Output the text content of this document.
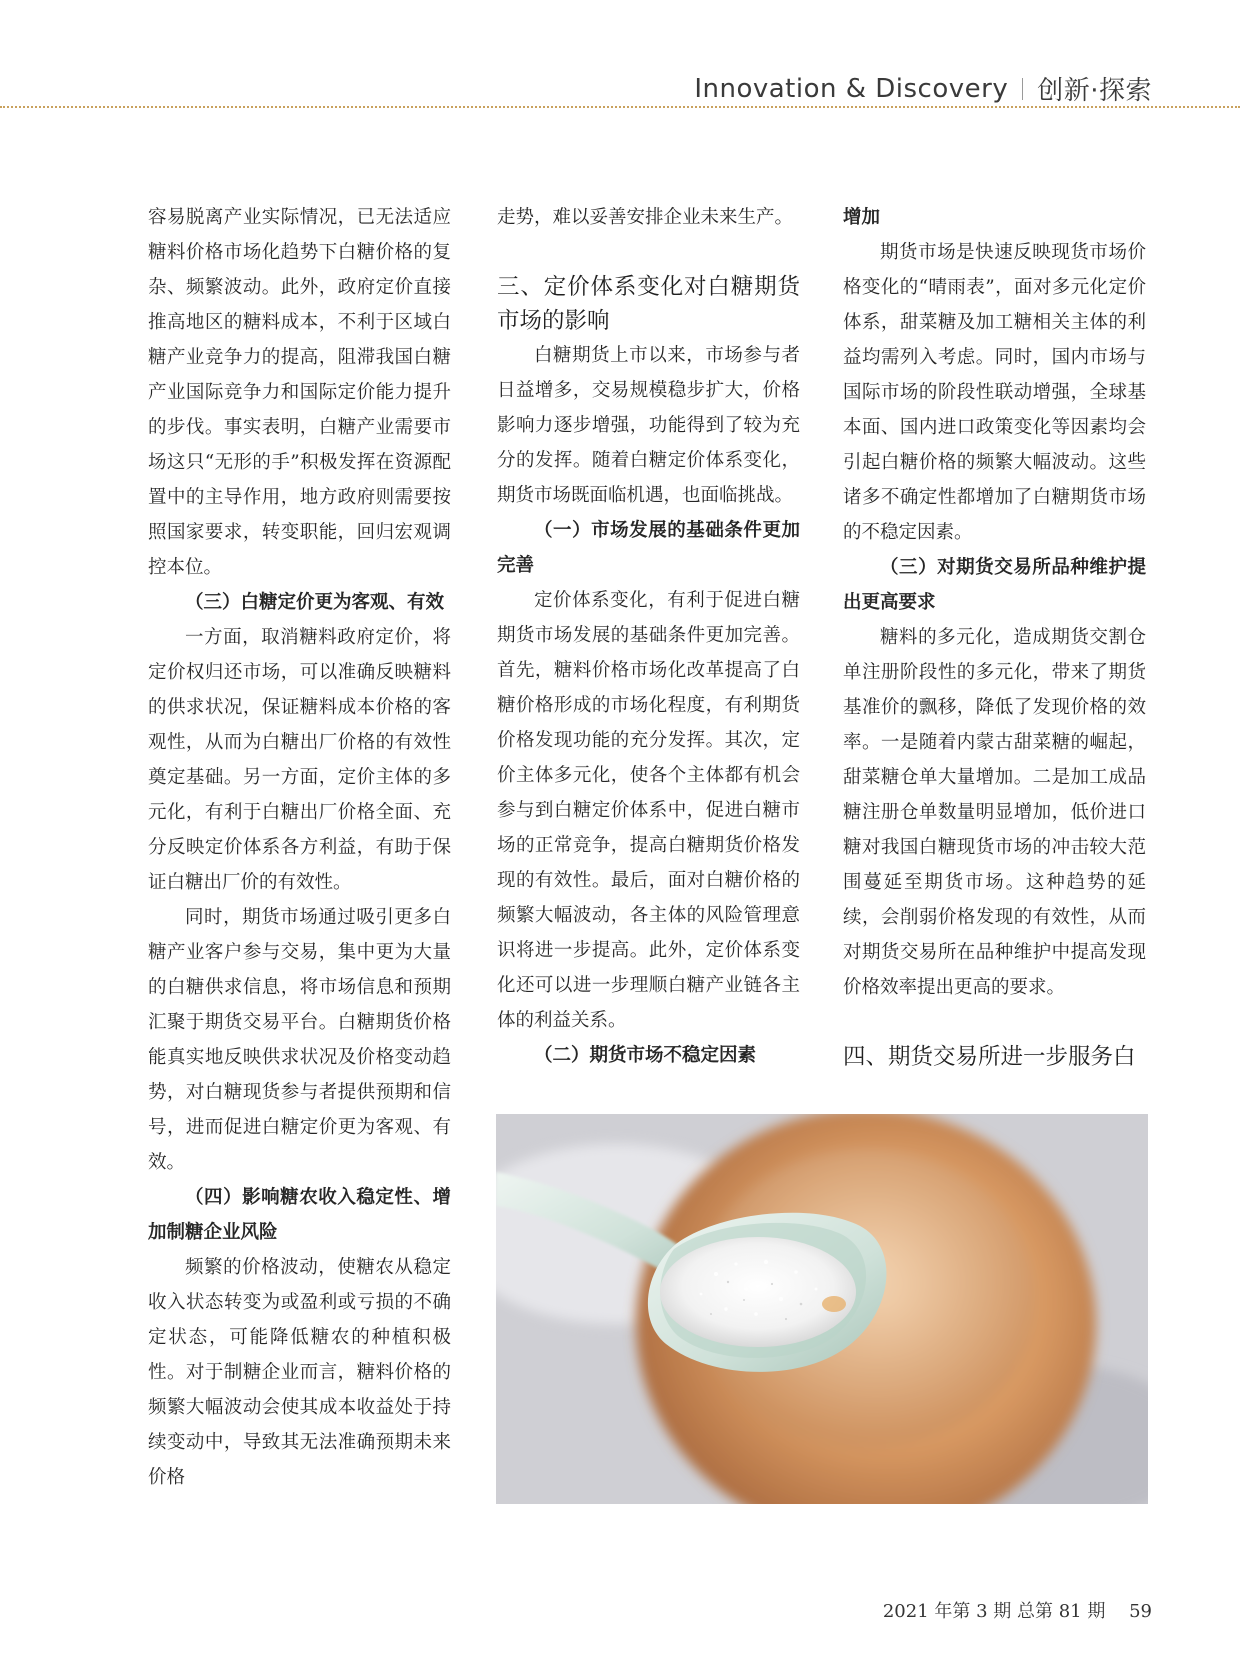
Innovation & Discovery 创新·探索

容易脱离产业实际情况，已无法适应糖料价格市场化趋势下白糖价格的复杂、频繁波动。此外，政府定价直接推高地区的糖料成本，不利于区域白糖产业竞争力的提高，阻滞我国白糖产业国际竞争力和国际定价能力提升的步伐。事实表明，白糖产业需要市场这只“无形的手”积极发挥在资源配置中的主导作用，地方政府则需要按照国家要求，转变职能，回归宏观调控本位。

（三）白糖定价更为客观、有效

一方面，取消糖料政府定价，将定价权归还市场，可以准确反映糖料的供求状况，保证糖料成本价格的客观性，从而为白糖出厂价格的有效性奠定基础。另一方面，定价主体的多元化，有利于白糖出厂价格全面、充分反映定价体系各方利益，有助于保证白糖出厂价的有效性。

同时，期货市场通过吸引更多白糖产业客户参与交易，集中更为大量的白糖供求信息，将市场信息和预期汇聚于期货交易平台。白糖期货价格能真实地反映供求状况及价格变动趋势，对白糖现货参与者提供预期和信号，进而促进白糖定价更为客观、有效。

（四）影响糖农收入稳定性、增加制糖企业风险

频繁的价格波动，使糖农从稳定收入状态转变为或盈利或亏损的不确定状态，可能降低糖农的种植积极性。对于制糖企业而言，糖料价格的频繁大幅波动会使其成本收益处于持续变动中，导致其无法准确预期未来价格

走势，难以妥善安排企业未来生产。

三、定价体系变化对白糖期货市场的影响

白糖期货上市以来，市场参与者日益增多，交易规模稳步扩大，价格影响力逐步增强，功能得到了较为充分的发挥。随着白糖定价体系变化，期货市场既面临机遇，也面临挑战。

（一）市场发展的基础条件更加完善

定价体系变化，有利于促进白糖期货市场发展的基础条件更加完善。首先，糖料价格市场化改革提高了白糖价格形成的市场化程度，有利期货价格发现功能的充分发挥。其次，定价主体多元化，使各个主体都有机会参与到白糖定价体系中，促进白糖市场的正常竞争，提高白糖期货价格发现的有效性。最后，面对白糖价格的频繁大幅波动，各主体的风险管理意识将进一步提高。此外，定价体系变化还可以进一步理顺白糖产业链各主体的利益关系。

（二）期货市场不稳定因素
增加

期货市场是快速反映现货市场价格变化的“晴雨表”，面对多元化定价体系，甜菜糖及加工糖相关主体的利益均需列入考虑。同时，国内市场与国际市场的阶段性联动增强，全球基本面、国内进口政策变化等因素均会引起白糖价格的频繁大幅波动。这些诸多不确定性都增加了白糖期货市场的不稳定因素。

（三）对期货交易所品种维护提出更高要求

糖料的多元化，造成期货交割仓单注册阶段性的多元化，带来了期货基准价的飘移，降低了发现价格的效率。一是随着内蒙古甜菜糖的崛起，甜菜糖仓单大量增加。二是加工成品糖注册仓单数量明显增加，低价进口糖对我国白糖现货市场的冲击较大范围蔓延至期货市场。这种趋势的延续，会削弱价格发现的有效性，从而对期货交易所在品种维护中提高发现价格效率提出更高的要求。

四、期货交易所进一步服务白
2021 年第 3 期 总第 81 期 59
